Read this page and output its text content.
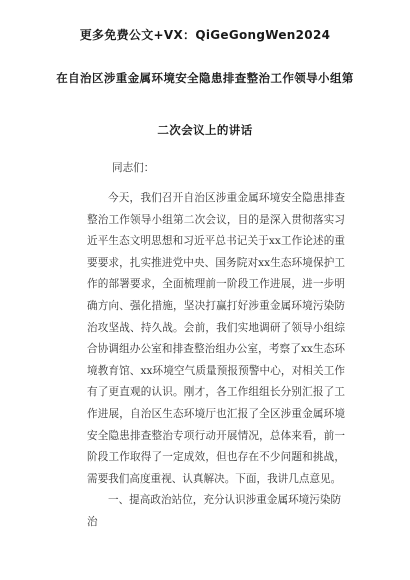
更多免费公文+VX：QiGeGongWen2024
在自治区涉重金属环境安全隐患排查整治工作领导小组第
二次会议上的讲话
同志们：
今天，我们召开自治区涉重金属环境安全隐患排查整治工作领导小组第二次会议，目的是深入贯彻落实习近平生态文明思想和习近平总书记关于xx工作论述的重要要求，扎实推进党中央、国务院对xx生态环境保护工作的部署要求，全面梳理前一阶段工作进展，进一步明确方向、强化措施，坚决打赢打好涉重金属环境污染防治攻坚战、持久战。会前，我们实地调研了领导小组综合协调组办公室和排查整治组办公室，考察了xx生态环境教育馆、xx环境空气质量预报预警中心，对相关工作有了更直观的认识。刚才，各工作组组长分别汇报了工作进展，自治区生态环境厅也汇报了全区涉重金属环境安全隐患排查整治专项行动开展情况，总体来看，前一阶段工作取得了一定成效，但也存在不少问题和挑战，需要我们高度重视、认真解决。下面，我讲几点意见。
一、提高政治站位，充分认识涉重金属环境污染防治
